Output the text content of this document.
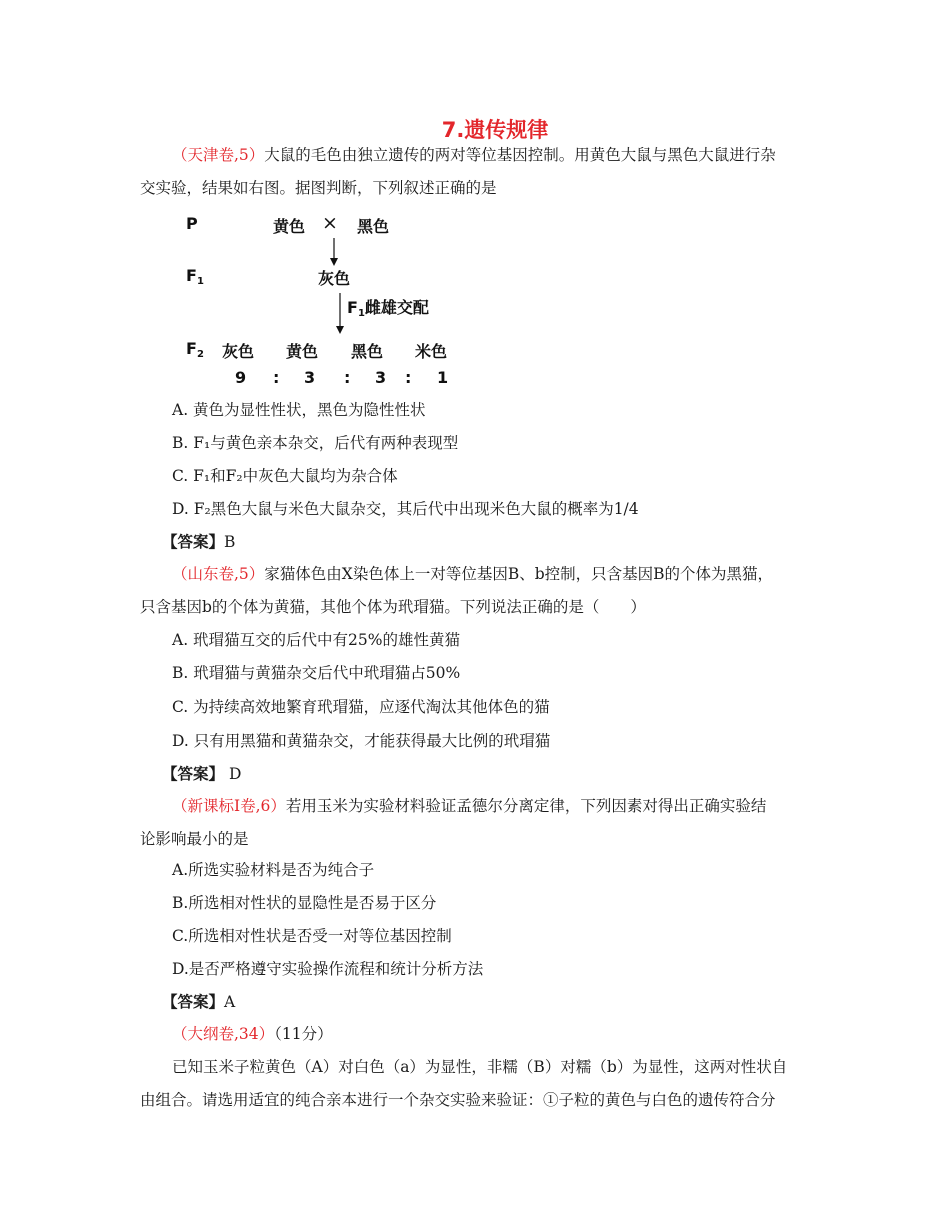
7.遗传规律
（天津卷,5）大鼠的毛色由独立遗传的两对等位基因控制。用黄色大鼠与黑色大鼠进行杂
交实验，结果如右图。据图判断，下列叙述正确的是
P	黄色 × 黑色
$F_1$	灰色
$F_1$雌雄交配
$F_2$ 灰色 黄色 黑色 米色
9 : 3 : 3 : 1
A. 黄色为显性性状，黑色为隐性性状
B. F₁与黄色亲本杂交，后代有两种表现型
C. F₁和F₂中灰色大鼠均为杂合体
D. F₂黑色大鼠与米色大鼠杂交，其后代中出现米色大鼠的概率为1/4
【答案】B
（山东卷,5）家猫体色由X染色体上一对等位基因B、b控制，只含基因B的个体为黑猫，
只含基因b的个体为黄猫，其他个体为玳瑁猫。下列说法正确的是（　　）
A. 玳瑁猫互交的后代中有25%的雄性黄猫
B. 玳瑁猫与黄猫杂交后代中玳瑁猫占50%
C. 为持续高效地繁育玳瑁猫，应逐代淘汰其他体色的猫
D. 只有用黑猫和黄猫杂交，才能获得最大比例的玳瑁猫
【答案】 D
（新课标Ⅰ卷,6）若用玉米为实验材料验证孟德尔分离定律，下列因素对得出正确实验结
论影响最小的是
A.所选实验材料是否为纯合子
B.所选相对性状的显隐性是否易于区分
C.所选相对性状是否受一对等位基因控制
D.是否严格遵守实验操作流程和统计分析方法
【答案】A
（大纲卷,34）（11分）
已知玉米子粒黄色（A）对白色（a）为显性，非糯（B）对糯（b）为显性，这两对性状自
由组合。请选用适宜的纯合亲本进行一个杂交实验来验证：①子粒的黄色与白色的遗传符合分
